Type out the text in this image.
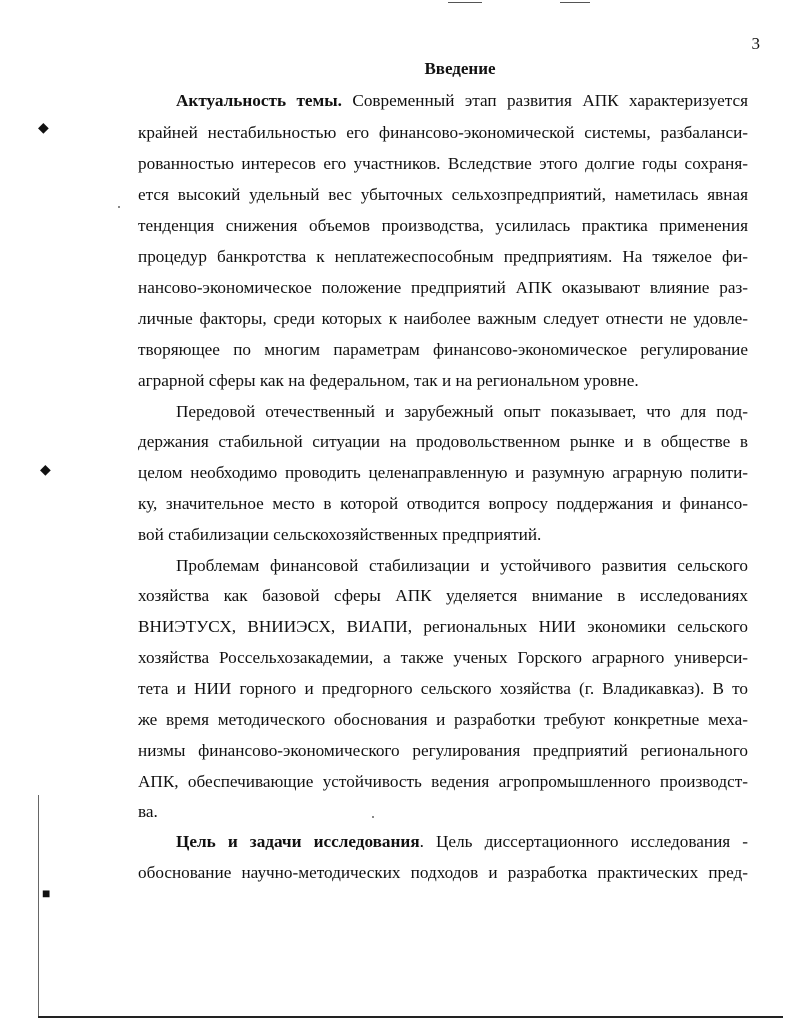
3
Введение
Актуальность темы. Современный этап развития АПК характеризуется
крайней нестабильностью его финансово-экономической системы, разбаланси-
рованностью интересов его участников. Вследствие этого долгие годы сохраня-
ется высокий удельный вес убыточных сельхозпредприятий, наметилась явная
тенденция снижения объемов производства, усилилась практика применения
процедур банкротства к неплатежеспособным предприятиям. На тяжелое фи-
нансово-экономическое положение предприятий АПК оказывают влияние раз-
личные факторы, среди которых к наиболее важным следует отнести не удовле-
творяющее по многим параметрам финансово-экономическое регулирование
аграрной сферы как на федеральном, так и на региональном уровне.
Передовой отечественный и зарубежный опыт показывает, что для под-
держания стабильной ситуации на продовольственном рынке и в обществе в
целом необходимо проводить целенаправленную и разумную аграрную полити-
ку, значительное место в которой отводится вопросу поддержания и финансо-
вой стабилизации сельскохозяйственных предприятий.
Проблемам финансовой стабилизации и устойчивого развития сельского
хозяйства как базовой сферы АПК уделяется внимание в исследованиях
ВНИЭТУСХ, ВНИИЭСХ, ВИАПИ, региональных НИИ экономики сельского
хозяйства Россельхозакадемии, а также ученых Горского аграрного универси-
тета и НИИ горного и предгорного сельского хозяйства (г. Владикавказ). В то
же время методического обоснования и разработки требуют конкретные меха-
низмы финансово-экономического регулирования предприятий регионального
АПК, обеспечивающие устойчивость ведения агропромышленного производст-
ва.
Цель и задачи исследования. Цель диссертационного исследования -
обоснование научно-методических подходов и разработка практических пред-
◆
◆
■
